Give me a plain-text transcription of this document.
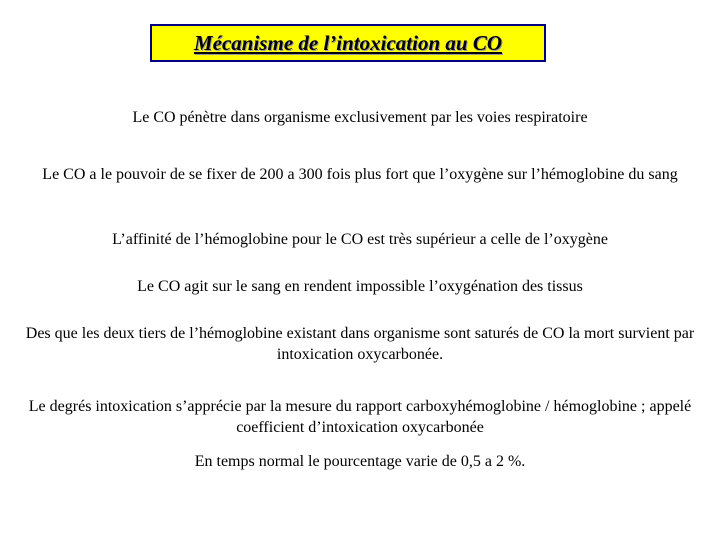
Mécanisme de l’intoxication au CO

Le CO pénètre dans organisme exclusivement par les voies respiratoire

Le CO a le pouvoir de se fixer de 200 a 300 fois plus fort que l’oxygène sur l’hémoglobine du sang

L’affinité de l’hémoglobine pour le CO est très supérieur a celle de l’oxygène

Le CO agit sur le sang en rendent impossible l’oxygénation des tissus

Des que les deux tiers de l’hémoglobine existant dans organisme sont saturés de CO la mort survient par intoxication oxycarbonée.

Le degrés intoxication s’apprécie par la mesure du rapport carboxyhémoglobine / hémoglobine ; appelé coefficient d’intoxication oxycarbonée

En temps normal le pourcentage varie de 0,5 a 2 %.
